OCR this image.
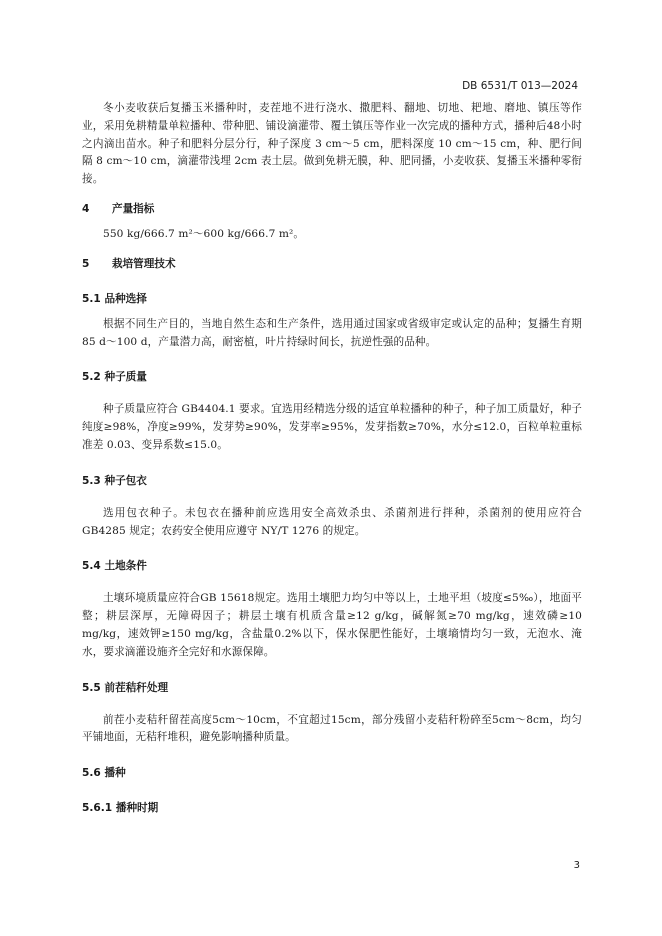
DB 6531/T 013—2024

冬小麦收获后复播玉米播种时，麦茬地不进行浇水、撒肥料、翻地、切地、耙地、磨地、镇压等作业，采用免耕精量单粒播种、带种肥、铺设滴灌带、覆土镇压等作业一次完成的播种方式，播种后48小时之内滴出苗水。种子和肥料分层分行，种子深度 3 cm～5 cm，肥料深度 10 cm～15 cm，种、肥行间隔 8 cm～10 cm，滴灌带浅埋 2cm 表土层。做到免耕无膜，种、肥同播，小麦收获、复播玉米播种零衔接。

4 产量指标

550 kg/666.7 m²～600 kg/666.7 m²。

5 栽培管理技术
5.1 品种选择

根据不同生产目的，当地自然生态和生产条件，选用通过国家或省级审定或认定的品种；复播生育期 85 d～100 d，产量潜力高，耐密植，叶片持绿时间长，抗逆性强的品种。

5.2 种子质量

种子质量应符合 GB4404.1 要求。宜选用经精选分级的适宜单粒播种的种子，种子加工质量好，种子纯度≥98%，净度≥99%，发芽势≥90%，发芽率≥95%，发芽指数≥70%，水分≤12.0，百粒单粒重标准差 0.03、变异系数≤15.0。

5.3 种子包衣

选用包衣种子。未包衣在播种前应选用安全高效杀虫、杀菌剂进行拌种，杀菌剂的使用应符合 GB4285 规定；农药安全使用应遵守 NY/T 1276 的规定。

5.4 土地条件

土壤环境质量应符合GB 15618规定。选用土壤肥力均匀中等以上，土地平坦（坡度≤5‰），地面平整；耕层深厚，无障碍因子；耕层土壤有机质含量≥12 g/kg，碱解氮≥70 mg/kg，速效磷≥10 mg/kg，速效钾≥150 mg/kg，含盐量0.2%以下，保水保肥性能好，土壤墒情均匀一致，无泡水、淹水，要求滴灌设施齐全完好和水源保障。

5.5 前茬秸秆处理

前茬小麦秸秆留茬高度5cm～10cm，不宜超过15cm，部分残留小麦秸秆粉碎至5cm～8cm，均匀平铺地面，无秸秆堆积，避免影响播种质量。

5.6 播种
5.6.1 播种时期
3
